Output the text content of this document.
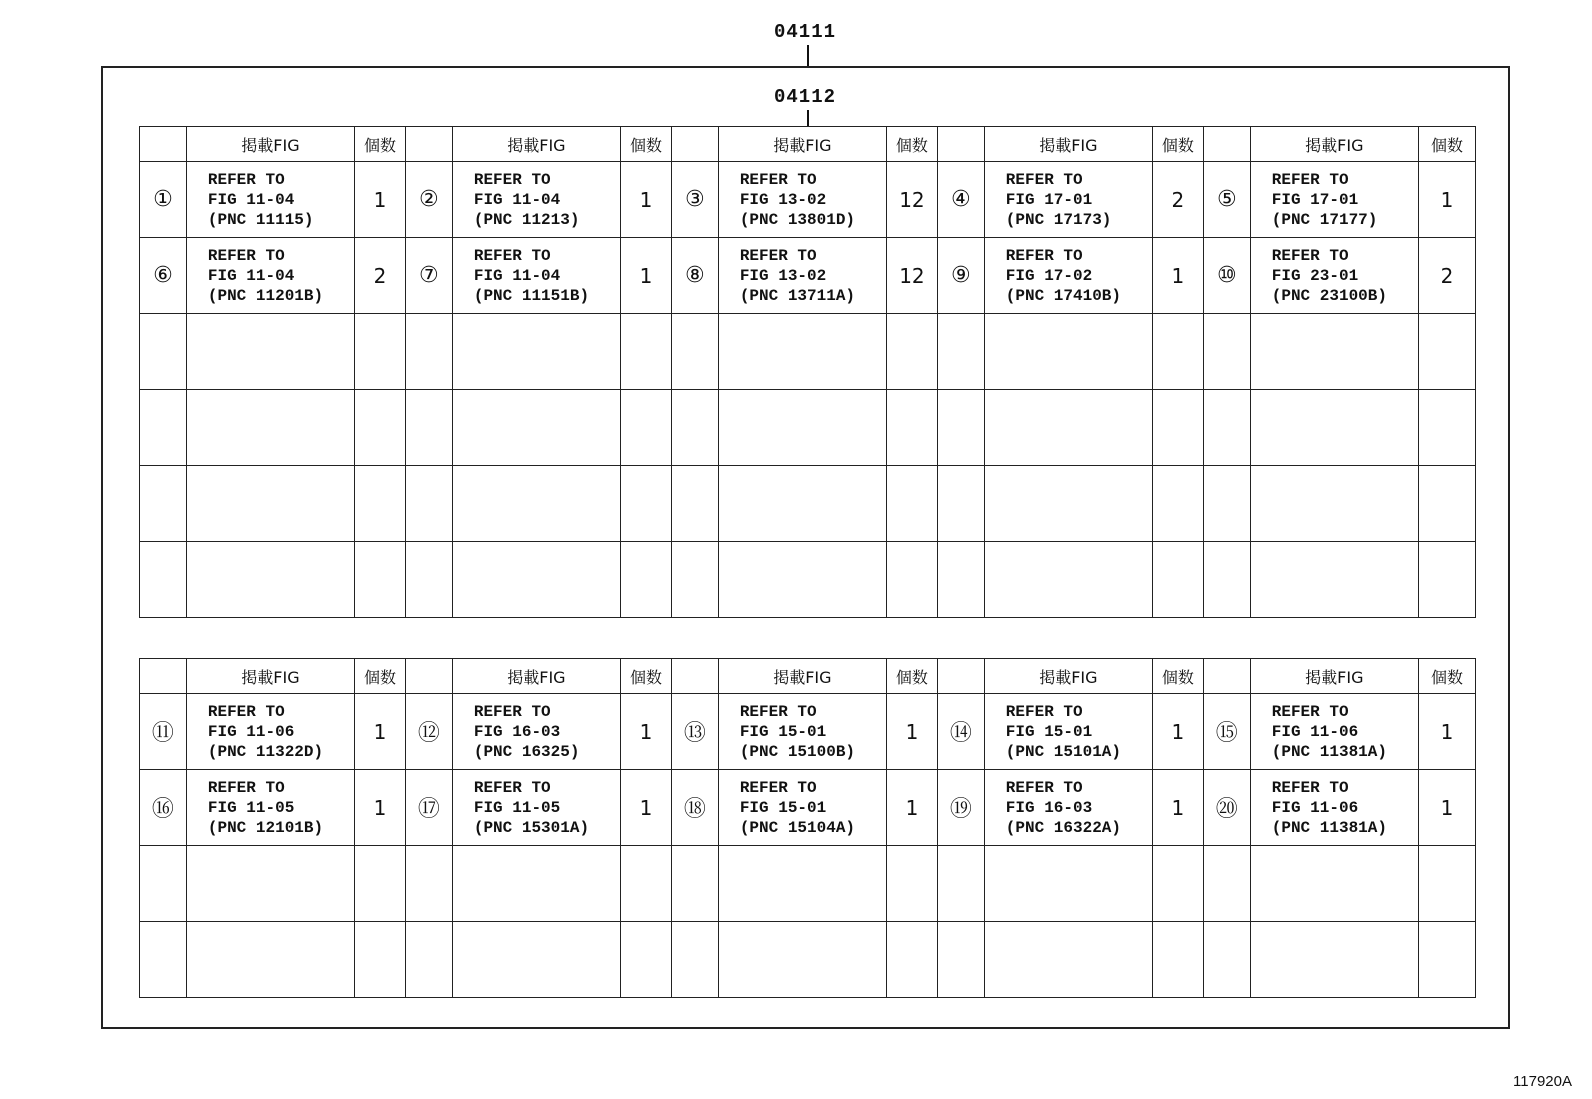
04111
04112
	掲載FIG	個数		掲載FIG	個数		掲載FIG	個数		掲載FIG	個数		掲載FIG	個数
①	REFER TO
FIG 11-04
(PNC 11115)	1	②	REFER TO
FIG 11-04
(PNC 11213)	1	③	REFER TO
FIG 13-02
(PNC 13801D)	12	④	REFER TO
FIG 17-01
(PNC 17173)	2	⑤	REFER TO
FIG 17-01
(PNC 17177)	1
⑥	REFER TO
FIG 11-04
(PNC 11201B)	2	⑦	REFER TO
FIG 11-04
(PNC 11151B)	1	⑧	REFER TO
FIG 13-02
(PNC 13711A)	12	⑨	REFER TO
FIG 17-02
(PNC 17410B)	1	⑩	REFER TO
FIG 23-01
(PNC 23100B)	2

	掲載FIG	個数		掲載FIG	個数		掲載FIG	個数		掲載FIG	個数		掲載FIG	個数
⑪	REFER TO
FIG 11-06
(PNC 11322D)	1	⑫	REFER TO
FIG 16-03
(PNC 16325)	1	⑬	REFER TO
FIG 15-01
(PNC 15100B)	1	⑭	REFER TO
FIG 15-01
(PNC 15101A)	1	⑮	REFER TO
FIG 11-06
(PNC 11381A)	1
⑯	REFER TO
FIG 11-05
(PNC 12101B)	1	⑰	REFER TO
FIG 11-05
(PNC 15301A)	1	⑱	REFER TO
FIG 15-01
(PNC 15104A)	1	⑲	REFER TO
FIG 16-03
(PNC 16322A)	1	⑳	REFER TO
FIG 11-06
(PNC 11381A)	1

117920A
